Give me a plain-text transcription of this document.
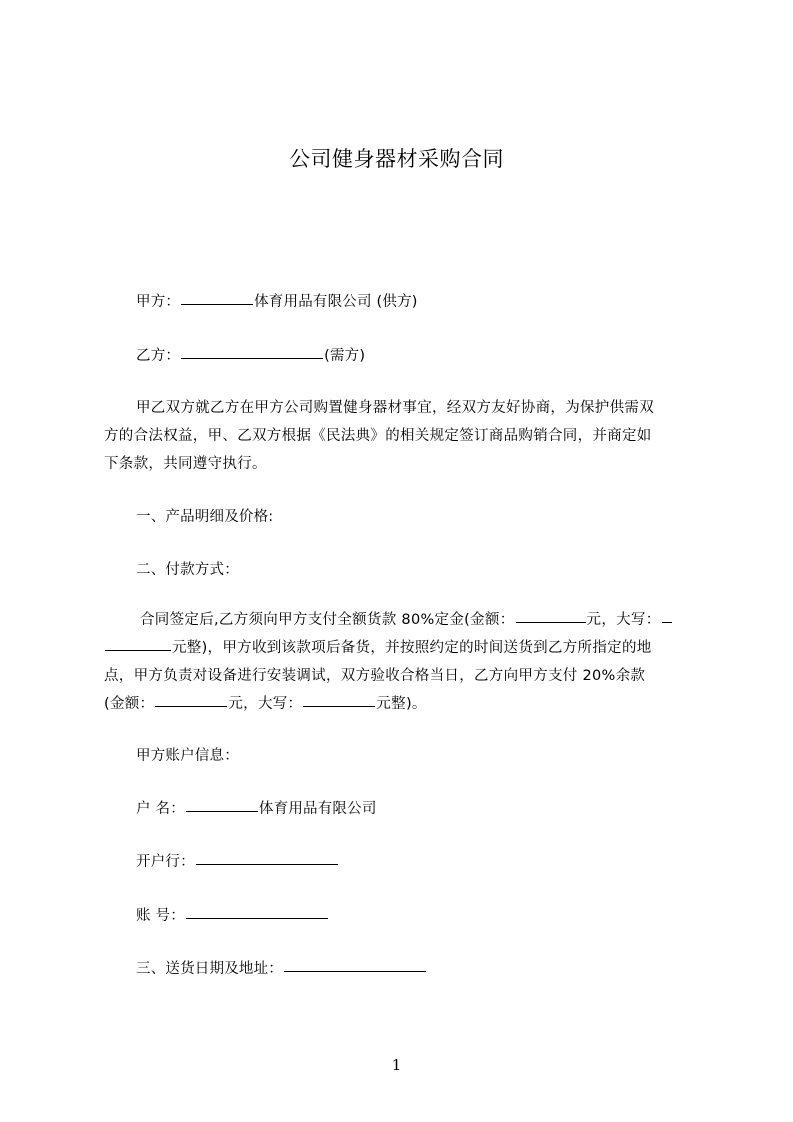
公司健身器材采购合同
甲方：	体育用品有限公司 (供方)
乙方：	(需方)
甲乙双方就乙方在甲方公司购置健身器材事宜，经双方友好协商，为保护供需双
方的合法权益，甲、乙双方根据《民法典》的相关规定签订商品购销合同，并商定如
下条款，共同遵守执行。
一、产品明细及价格:
二、付款方式：
合同签定后,乙方须向甲方支付全额货款 80%定金(金额：	元，大写：
元整)，甲方收到该款项后备货，并按照约定的时间送货到乙方所指定的地
点，甲方负责对设备进行安装调试，双方验收合格当日，乙方向甲方支付 20%余款
(金额：	元，大写：	元整)。
甲方账户信息：
户 名：	体育用品有限公司
开户行：
账 号：
三、送货日期及地址：
1
